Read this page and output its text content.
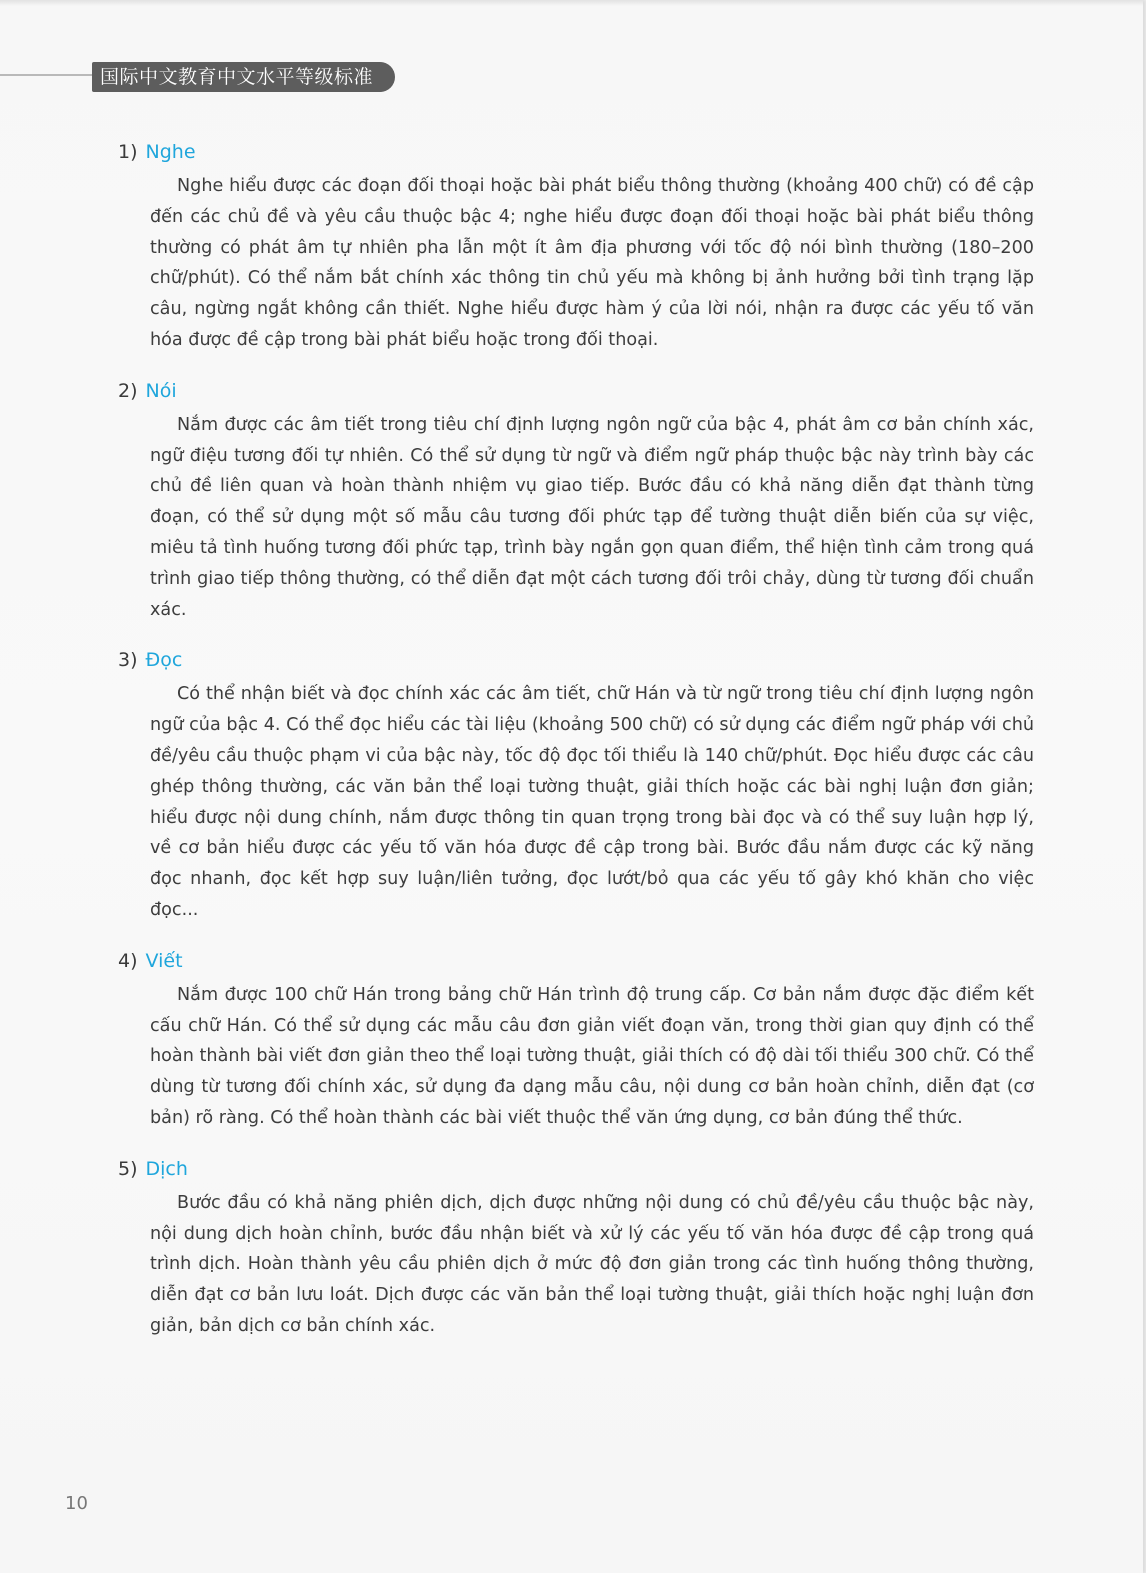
国际中文教育中文水平等级标准
1) Nghe
Nghe hiểu được các đoạn đối thoại hoặc bài phát biểu thông thường (khoảng 400 chữ) có đề cập đến các chủ đề và yêu cầu thuộc bậc 4; nghe hiểu được đoạn đối thoại hoặc bài phát biểu thông thường có phát âm tự nhiên pha lẫn một ít âm địa phương với tốc độ nói bình thường (180–200 chữ/phút). Có thể nắm bắt chính xác thông tin chủ yếu mà không bị ảnh hưởng bởi tình trạng lặp câu, ngừng ngắt không cần thiết. Nghe hiểu được hàm ý của lời nói, nhận ra được các yếu tố văn hóa được đề cập trong bài phát biểu hoặc trong đối thoại.
2) Nói
Nắm được các âm tiết trong tiêu chí định lượng ngôn ngữ của bậc 4, phát âm cơ bản chính xác, ngữ điệu tương đối tự nhiên. Có thể sử dụng từ ngữ và điểm ngữ pháp thuộc bậc này trình bày các chủ đề liên quan và hoàn thành nhiệm vụ giao tiếp. Bước đầu có khả năng diễn đạt thành từng đoạn, có thể sử dụng một số mẫu câu tương đối phức tạp để tường thuật diễn biến của sự việc, miêu tả tình huống tương đối phức tạp, trình bày ngắn gọn quan điểm, thể hiện tình cảm trong quá trình giao tiếp thông thường, có thể diễn đạt một cách tương đối trôi chảy, dùng từ tương đối chuẩn xác.
3) Đọc
Có thể nhận biết và đọc chính xác các âm tiết, chữ Hán và từ ngữ trong tiêu chí định lượng ngôn ngữ của bậc 4. Có thể đọc hiểu các tài liệu (khoảng 500 chữ) có sử dụng các điểm ngữ pháp với chủ đề/yêu cầu thuộc phạm vi của bậc này, tốc độ đọc tối thiểu là 140 chữ/phút. Đọc hiểu được các câu ghép thông thường, các văn bản thể loại tường thuật, giải thích hoặc các bài nghị luận đơn giản; hiểu được nội dung chính, nắm được thông tin quan trọng trong bài đọc và có thể suy luận hợp lý, về cơ bản hiểu được các yếu tố văn hóa được đề cập trong bài. Bước đầu nắm được các kỹ năng đọc nhanh, đọc kết hợp suy luận/liên tưởng, đọc lướt/bỏ qua các yếu tố gây khó khăn cho việc đọc...
4) Viết
Nắm được 100 chữ Hán trong bảng chữ Hán trình độ trung cấp. Cơ bản nắm được đặc điểm kết cấu chữ Hán. Có thể sử dụng các mẫu câu đơn giản viết đoạn văn, trong thời gian quy định có thể hoàn thành bài viết đơn giản theo thể loại tường thuật, giải thích có độ dài tối thiểu 300 chữ. Có thể dùng từ tương đối chính xác, sử dụng đa dạng mẫu câu, nội dung cơ bản hoàn chỉnh, diễn đạt (cơ bản) rõ ràng. Có thể hoàn thành các bài viết thuộc thể văn ứng dụng, cơ bản đúng thể thức.
5) Dịch
Bước đầu có khả năng phiên dịch, dịch được những nội dung có chủ đề/yêu cầu thuộc bậc này, nội dung dịch hoàn chỉnh, bước đầu nhận biết và xử lý các yếu tố văn hóa được đề cập trong quá trình dịch. Hoàn thành yêu cầu phiên dịch ở mức độ đơn giản trong các tình huống thông thường, diễn đạt cơ bản lưu loát. Dịch được các văn bản thể loại tường thuật, giải thích hoặc nghị luận đơn giản, bản dịch cơ bản chính xác.
10
